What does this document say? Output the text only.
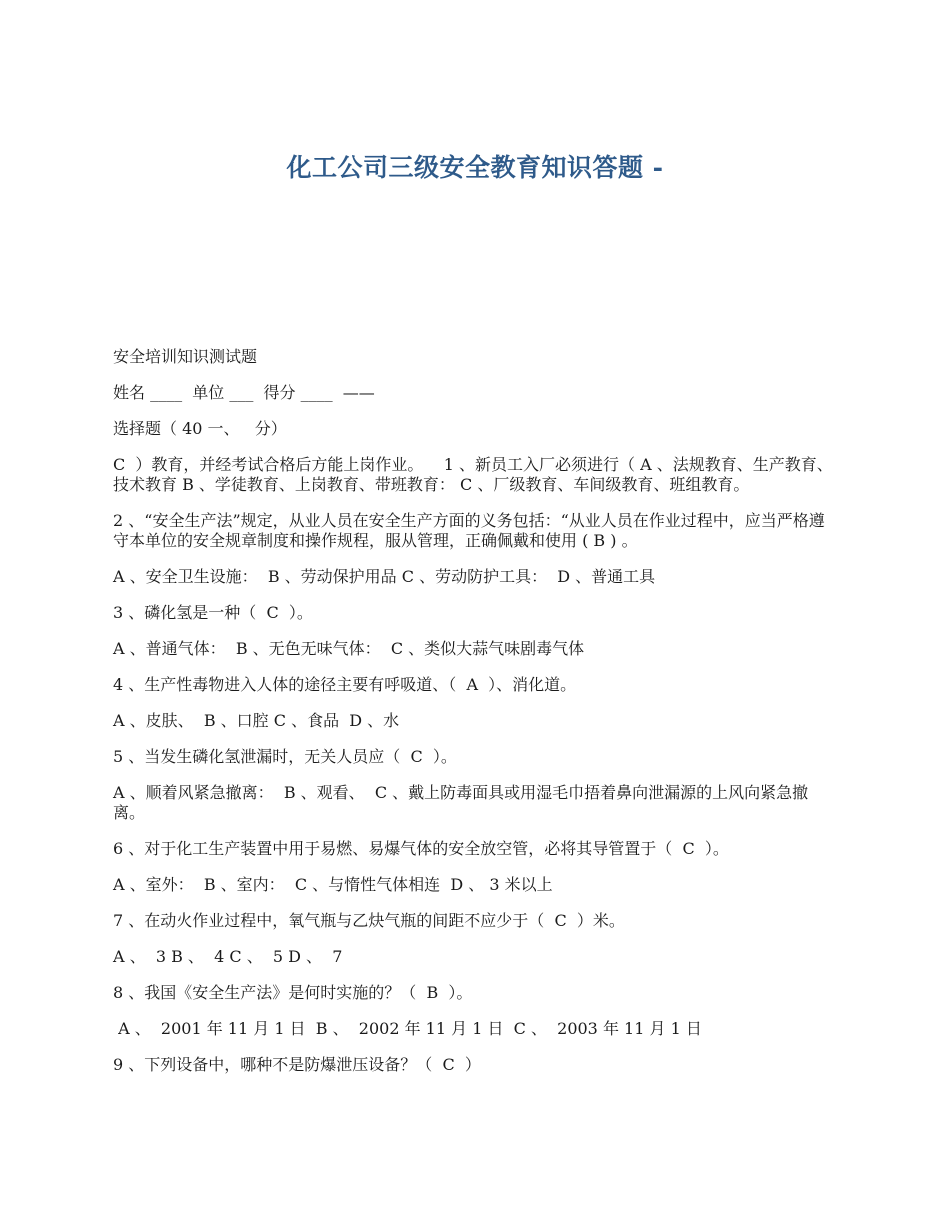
化工公司三级安全教育知识答题 -

安全培训知识测试题

姓名 ____  单位 ___  得分 ____  ——

选择题（ 40 一、   分）

C  ）教育，并经考试合格后方能上岗作业。    1 、新员工入厂必须进行（ A 、法规教育、生产教育、技术教育 B 、学徒教育、上岗教育、带班教育： C 、厂级教育、车间级教育、班组教育。

2 、“安全生产法”规定，从业人员在安全生产方面的义务包括：“从业人员在作业过程中，应当严格遵守本单位的安全规章制度和操作规程，服从管理，正确佩戴和使用 ( B ) 。

A 、安全卫生设施：  B 、劳动保护用品 C 、劳动防护工具：  D 、普通工具

3 、磷化氢是一种（  C  ）。

A 、普通气体：  B 、无色无味气体：  C 、类似大蒜气味剧毒气体

4 、生产性毒物进入人体的途径主要有呼吸道、（  A  ）、消化道。

A 、皮肤、  B 、口腔 C 、食品  D 、水

5 、当发生磷化氢泄漏时，无关人员应（  C  ）。

A 、顺着风紧急撤离：  B 、观看、  C 、戴上防毒面具或用湿毛巾捂着鼻向泄漏源的上风向紧急撤离。

6 、对于化工生产装置中用于易燃、易爆气体的安全放空管，必将其导管置于（  C  ）。

A 、室外：  B 、室内：  C 、与惰性气体相连  D 、 3 米以上

7 、在动火作业过程中，氧气瓶与乙炔气瓶的间距不应少于（  C  ）米。

A 、  3 B 、  4 C 、  5 D 、  7

8 、我国《安全生产法》是何时实施的？（  B  ）。

A 、  2001 年 11 月 1 日  B 、  2002 年 11 月 1 日  C 、  2003 年 11 月 1 日

9 、下列设备中，哪种不是防爆泄压设备？（  C  ）
